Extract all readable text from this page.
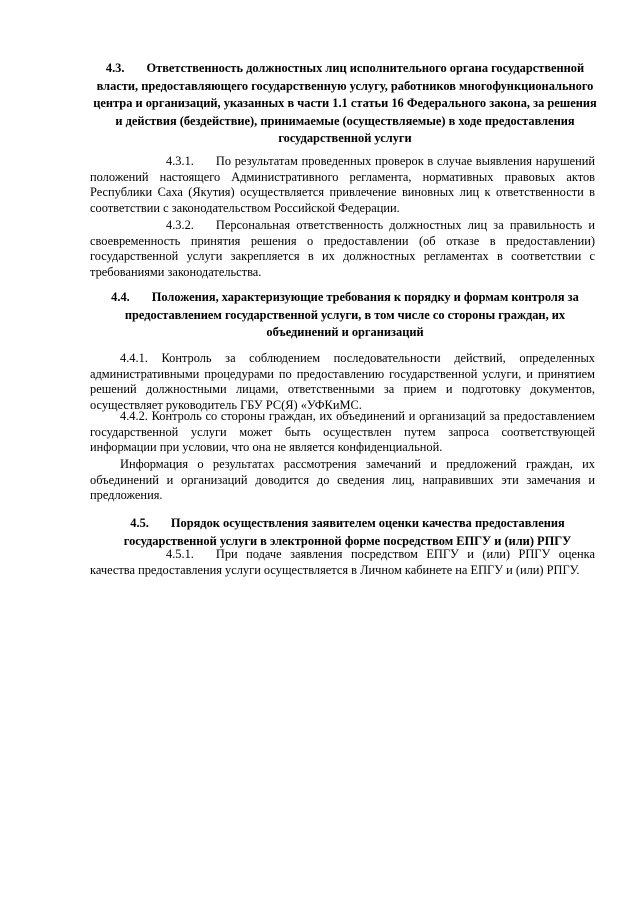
4.3. Ответственность должностных лиц исполнительного органа государственной власти, предоставляющего государственную услугу, работников многофункционального центра и организаций, указанных в части 1.1 статьи 16 Федерального закона, за решения и действия (бездействие), принимаемые (осуществляемые) в ходе предоставления государственной услуги
4.3.1. По результатам проведенных проверок в случае выявления нарушений положений настоящего Административного регламента, нормативных правовых актов Республики Саха (Якутия) осуществляется привлечение виновных лиц к ответственности в соответствии с законодательством Российской Федерации.
4.3.2. Персональная ответственность должностных лиц за правильность и своевременность принятия решения о предоставлении (об отказе в предоставлении) государственной услуги закрепляется в их должностных регламентах в соответствии с требованиями законодательства.
4.4. Положения, характеризующие требования к порядку и формам контроля за предоставлением государственной услуги, в том числе со стороны граждан, их объединений и организаций
4.4.1. Контроль за соблюдением последовательности действий, определенных административными процедурами по предоставлению государственной услуги, и принятием решений должностными лицами, ответственными за прием и подготовку документов, осуществляет руководитель ГБУ РС(Я) «УФКиМС.
4.4.2. Контроль со стороны граждан, их объединений и организаций за предоставлением государственной услуги может быть осуществлен путем запроса соответствующей информации при условии, что она не является конфиденциальной.
Информация о результатах рассмотрения замечаний и предложений граждан, их объединений и организаций доводится до сведения лиц, направивших эти замечания и предложения.
4.5. Порядок осуществления заявителем оценки качества предоставления государственной услуги в электронной форме посредством ЕПГУ и (или) РПГУ
4.5.1. При подаче заявления посредством ЕПГУ и (или) РПГУ оценка качества предоставления услуги осуществляется в Личном кабинете на ЕПГУ и (или) РПГУ.
